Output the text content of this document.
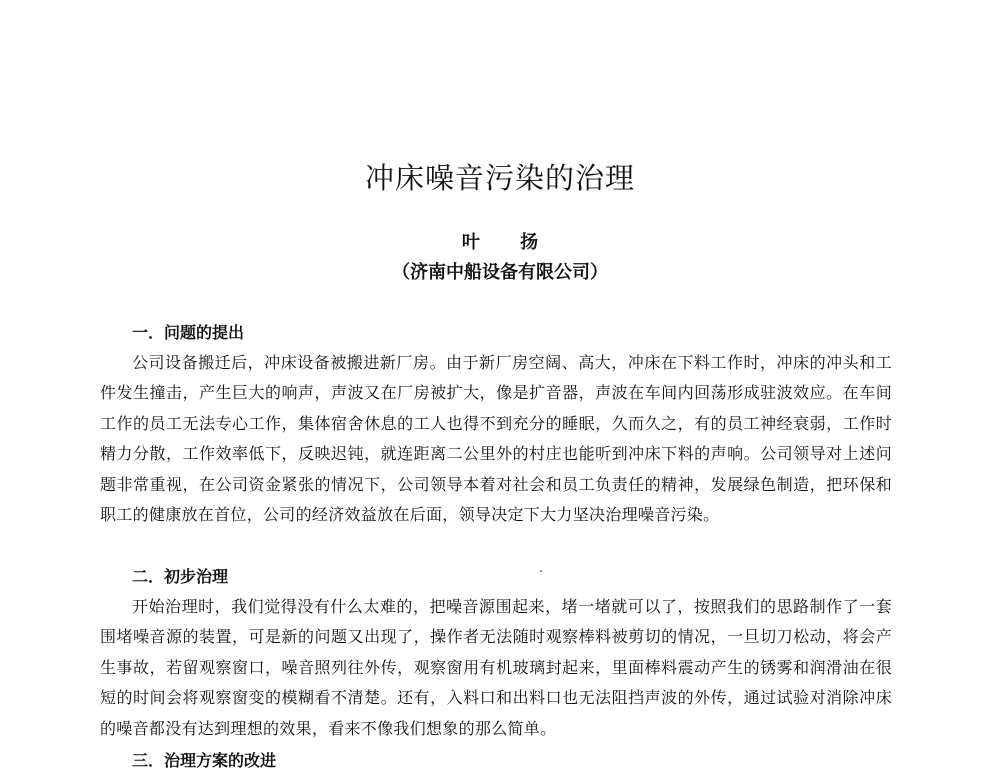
冲床噪音污染的治理
叶 扬
（济南中船设备有限公司）
一．问题的提出

公司设备搬迁后，冲床设备被搬进新厂房。由于新厂房空阔、高大，冲床在下料工作时，冲床的冲头和工件发生撞击，产生巨大的响声，声波又在厂房被扩大，像是扩音器，声波在车间内回荡形成驻波效应。在车间工作的员工无法专心工作，集体宿舍休息的工人也得不到充分的睡眠，久而久之，有的员工神经衰弱，工作时精力分散，工作效率低下，反映迟钝，就连距离二公里外的村庄也能听到冲床下料的声响。公司领导对上述问题非常重视，在公司资金紧张的情况下，公司领导本着对社会和员工负责任的精神，发展绿色制造，把环保和职工的健康放在首位，公司的经济效益放在后面，领导决定下大力坚决治理噪音污染。

二．初步治理

开始治理时，我们觉得没有什么太难的，把噪音源围起来，堵一堵就可以了，按照我们的思路制作了一套围堵噪音源的装置，可是新的问题又出现了，操作者无法随时观察棒料被剪切的情况，一旦切刀松动，将会产生事故，若留观察窗口，噪音照列往外传，观察窗用有机玻璃封起来，里面棒料震动产生的锈雾和润滑油在很短的时间会将观察窗变的模糊看不清楚。还有，入料口和出料口也无法阻挡声波的外传，通过试验对消除冲床的噪音都没有达到理想的效果，看来不像我们想象的那么简单。

三．治理方案的改进
